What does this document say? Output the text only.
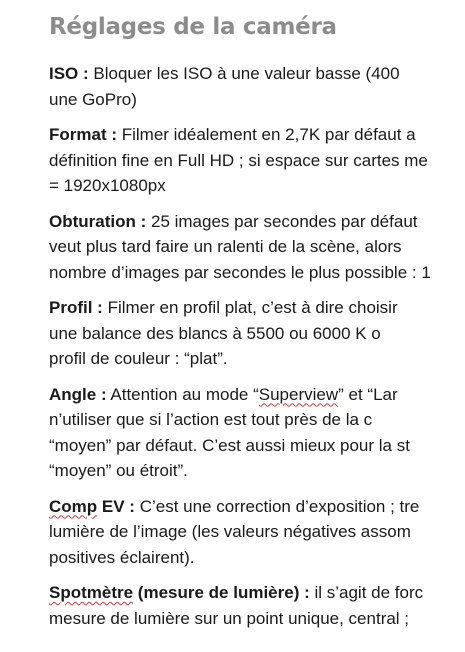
Réglages de la caméra

ISO : Bloquer les ISO à une valeur basse (400
une GoPro)

Format : Filmer idéalement en 2,7K par défaut a
définition fine en Full HD ; si espace sur cartes me
= 1920x1080px

Obturation : 25 images par secondes par défaut
veut plus tard faire un ralenti de la scène, alors
nombre d’images par secondes le plus possible : 1

Profil : Filmer en profil plat, c’est à dire choisir
une balance des blancs à 5500 ou 6000 K o
profil de couleur : “plat”.

Angle : Attention au mode “Superview” et “Lar
n’utiliser que si l’action est tout près de la c
“moyen” par défaut. C’est aussi mieux pour la st
“moyen” ou étroit”.

Comp EV : C’est une correction d’exposition ; tre
lumière de l’image (les valeurs négatives assom
positives éclairent).

Spotmètre (mesure de lumière) : il s’agit de forc
mesure de lumière sur un point unique, central ;
